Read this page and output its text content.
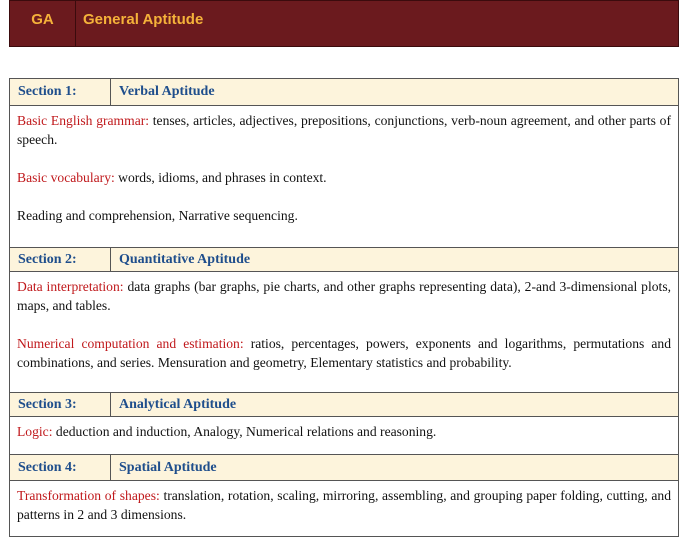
GA	General Aptitude
Section 1:	Verbal Aptitude

Basic English grammar: tenses, articles, adjectives, prepositions, conjunctions, verb-noun agreement, and other parts of speech.

Basic vocabulary: words, idioms, and phrases in context.

Reading and comprehension, Narrative sequencing.	

Section 2:	Quantitative Aptitude

Data interpretation: data graphs (bar graphs, pie charts, and other graphs representing data), 2-and 3-dimensional plots, maps, and tables.

Numerical computation and estimation: ratios, percentages, powers, exponents and logarithms, permutations and combinations, and series. Mensuration and geometry, Elementary statistics and probability.	

Section 3:	Analytical Aptitude

Logic: deduction and induction, Analogy, Numerical relations and reasoning.	

Section 4:	Spatial Aptitude

Transformation of shapes: translation, rotation, scaling, mirroring, assembling, and grouping paper folding, cutting, and patterns in 2 and 3 dimensions.	
